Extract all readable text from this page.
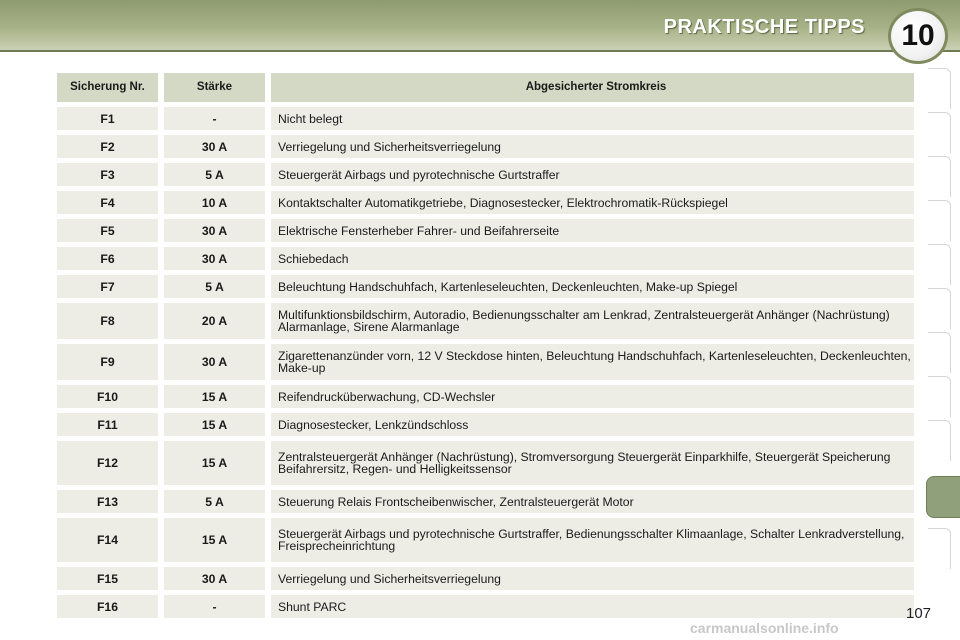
PRAKTISCHE TIPPS	10
Sicherung Nr.	Stärke	Abgesicherter Stromkreis
F1	-	Nicht belegt
F2	30 A	Verriegelung und Sicherheitsverriegelung
F3	5 A	Steuergerät Airbags und pyrotechnische Gurtstraffer
F4	10 A	Kontaktschalter Automatikgetriebe, Diagnosestecker, Elektrochromatik-Rückspiegel
F5	30 A	Elektrische Fensterheber Fahrer- und Beifahrerseite
F6	30 A	Schiebedach
F7	5 A	Beleuchtung Handschuhfach, Kartenleseleuchten, Deckenleuchten, Make-up Spiegel
F8	20 A	Multifunktionsbildschirm, Autoradio, Bedienungsschalter am Lenkrad, Zentralsteuergerät Anhänger (Nachrüstung) Alarmanlage, Sirene Alarmanlage
F9	30 A	Zigarettenanzünder vorn, 12 V Steckdose hinten, Beleuchtung Handschuhfach, Kartenleseleuchten, Deckenleuchten, Make-up
F10	15 A	Reifendrucküberwachung, CD-Wechsler
F11	15 A	Diagnosestecker, Lenkzündschloss
F12	15 A	Zentralsteuergerät Anhänger (Nachrüstung), Stromversorgung Steuergerät Einparkhilfe, Steuergerät Speicherung Beifahrersitz, Regen- und Helligkeitssensor
F13	5 A	Steuerung Relais Frontscheibenwischer, Zentralsteuergerät Motor
F14	15 A	Steuergerät Airbags und pyrotechnische Gurtstraffer, Bedienungsschalter Klimaanlage, Schalter Lenkradverstellung, Freisprecheinrichtung
F15	30 A	Verriegelung und Sicherheitsverriegelung
F16	-	Shunt PARC	107
carmanualsonline.info
